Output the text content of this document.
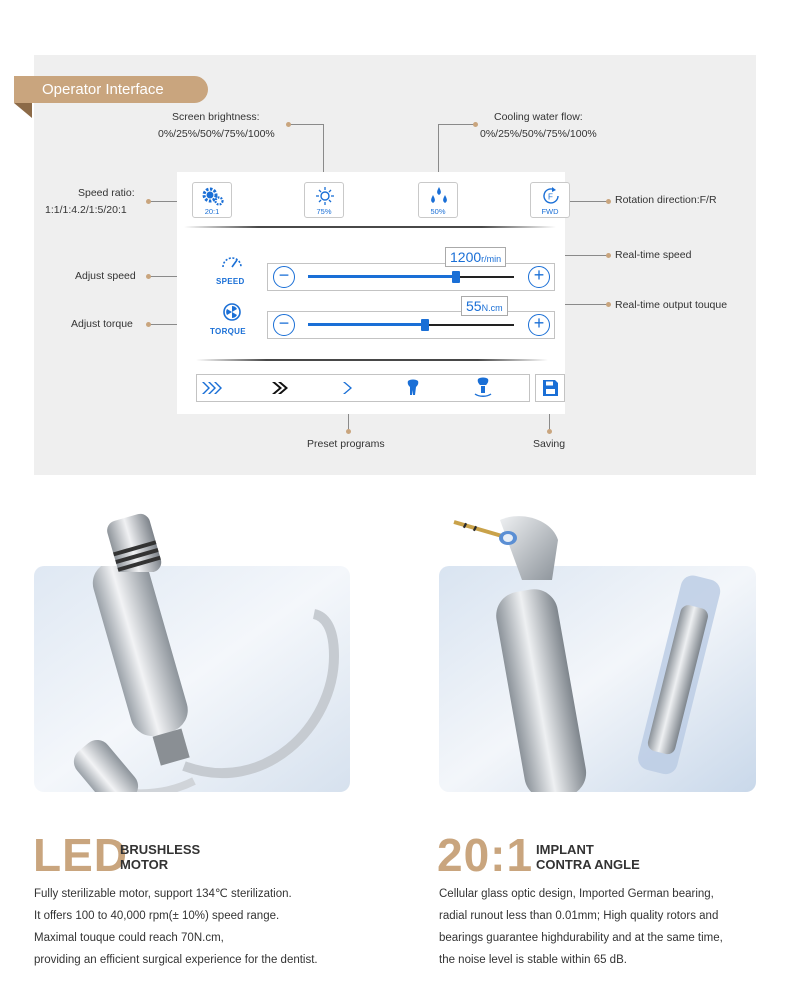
Operator Interface
Screen brightness:
0%/25%/50%/75%/100%
Cooling water flow:
0%/25%/50%/75%/100%
Speed ratio:
1:1/1:4.2/1:5/20:1
Rotation direction:F/R
Real-time speed
Adjust speed
Adjust torque
Real-time output touque
Preset programs	Saving
20:1	75%	50%
F
FWD
SPEED	−	+
1200r/min
TORQUE	−	+
55N.cm
LED
BRUSHLESS
MOTOR
Fully sterilizable motor, support 134℃ sterilization.
It offers 100 to 40,000 rpm(± 10%) speed range.
Maximal touque could reach 70N.cm,
providing an efficient surgical experience for the dentist.
20:1 IMPLANT
CONTRA ANGLE
Cellular glass optic design, Imported German bearing,
radial runout less than 0.01mm; High quality rotors and
bearings guarantee highdurability and at the same time,
the noise level is stable within 65 dB.
